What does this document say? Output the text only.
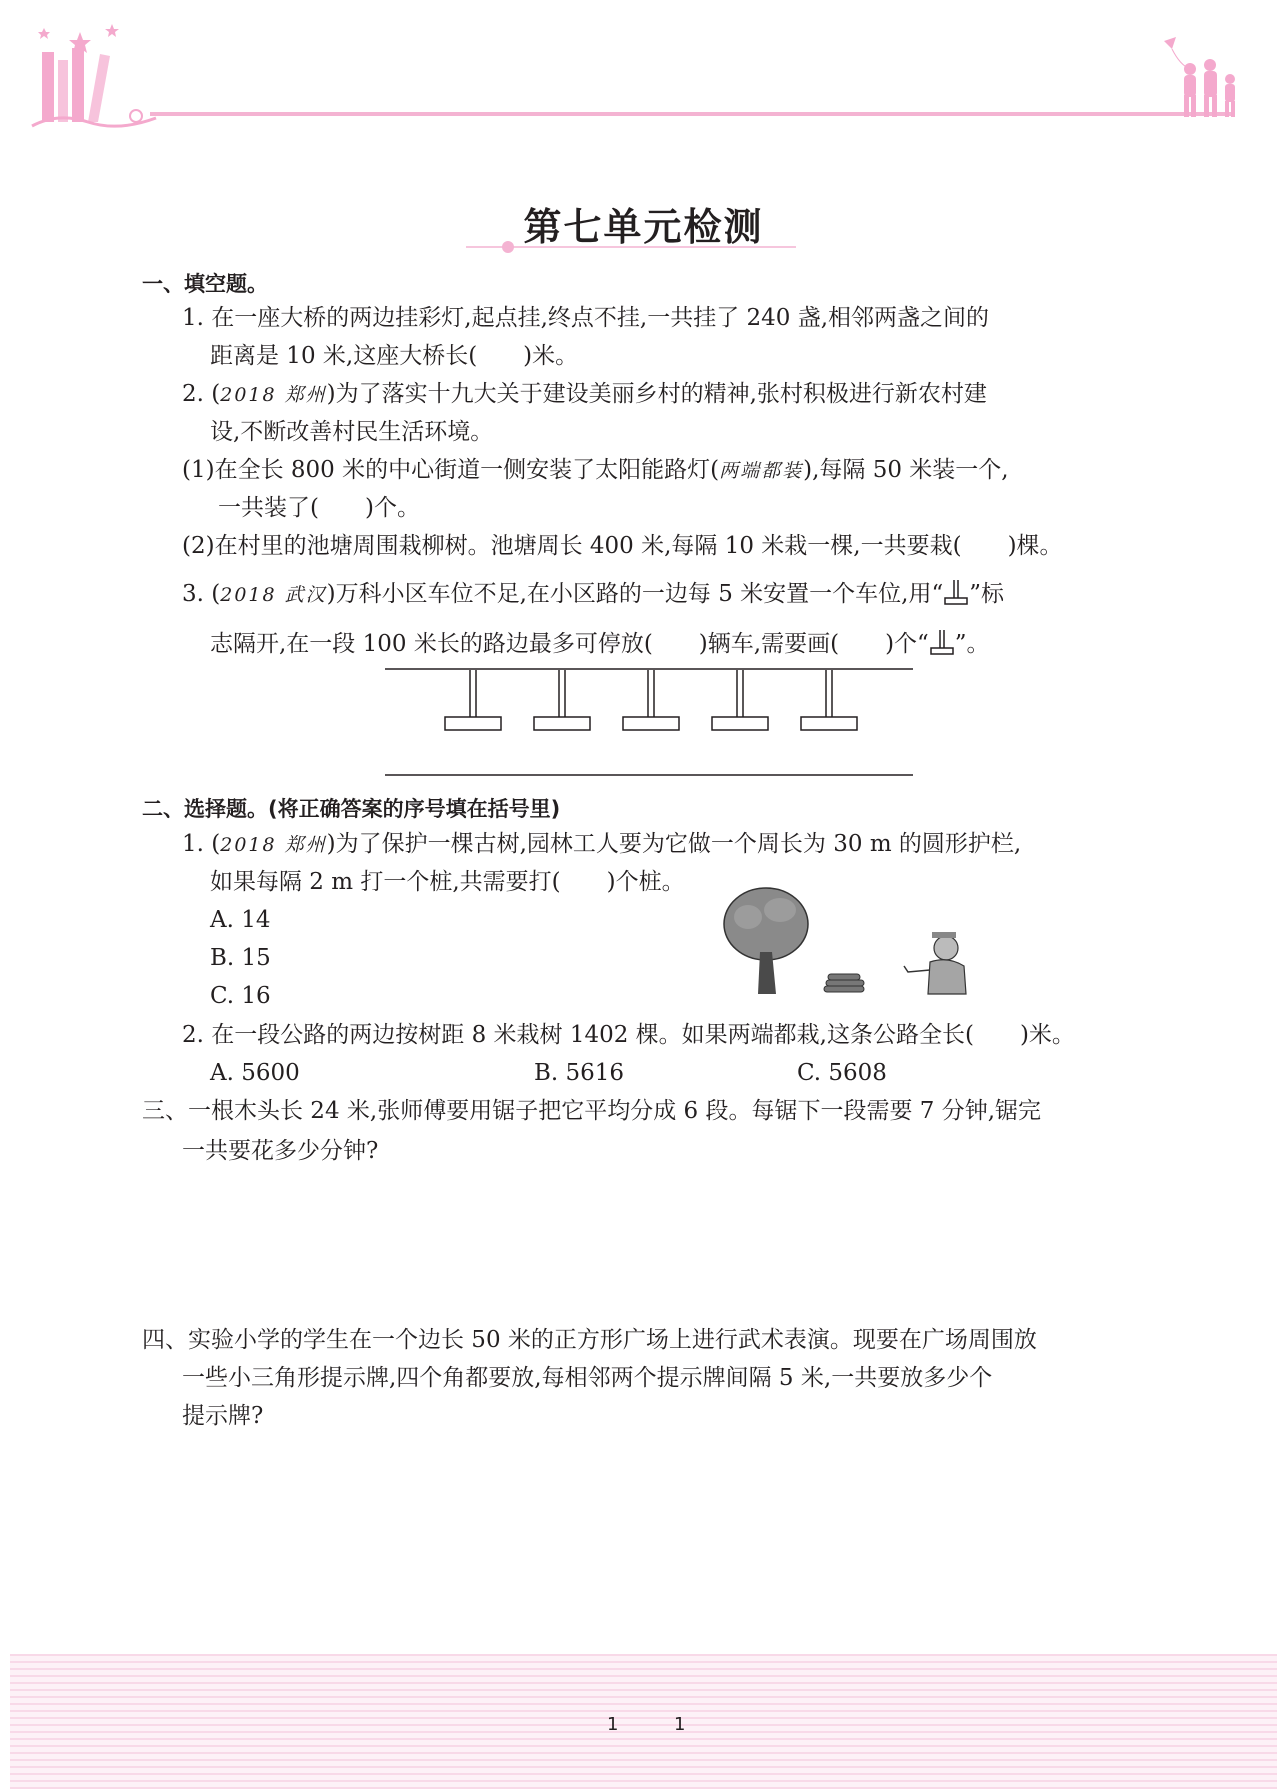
第七单元检测
一、填空题。
1. 在一座大桥的两边挂彩灯,起点挂,终点不挂,一共挂了 240 盏,相邻两盏之间的
距离是 10 米,这座大桥长(　　)米。
2. (2018 郑州)为了落实十九大关于建设美丽乡村的精神,张村积极进行新农村建
设,不断改善村民生活环境。
(1)在全长 800 米的中心街道一侧安装了太阳能路灯(两端都装),每隔 50 米装一个,
一共装了(　　)个。
(2)在村里的池塘周围栽柳树。池塘周长 400 米,每隔 10 米栽一棵,一共要栽(　　)棵。
3. (2018 武汉)万科小区车位不足,在小区路的一边每 5 米安置一个车位,用“ ”标
志隔开,在一段 100 米长的路边最多可停放(　　)辆车,需要画(　　)个“ ”。
二、选择题。(将正确答案的序号填在括号里)
1. (2018 郑州)为了保护一棵古树,园林工人要为它做一个周长为 30 m 的圆形护栏,
如果每隔 2 m 打一个桩,共需要打(　　)个桩。
A. 14
B. 15
C. 16
2. 在一段公路的两边按树距 8 米栽树 1402 棵。如果两端都栽,这条公路全长(　　)米。
A. 5600	B. 5616	C. 5608
三、一根木头长 24 米,张师傅要用锯子把它平均分成 6 段。每锯下一段需要 7 分钟,锯完
一共要花多少分钟?
四、实验小学的学生在一个边长 50 米的正方形广场上进行武术表演。现要在广场周围放
一些小三角形提示牌,四个角都要放,每相邻两个提示牌间隔 5 米,一共要放多少个
提示牌?
1	1
